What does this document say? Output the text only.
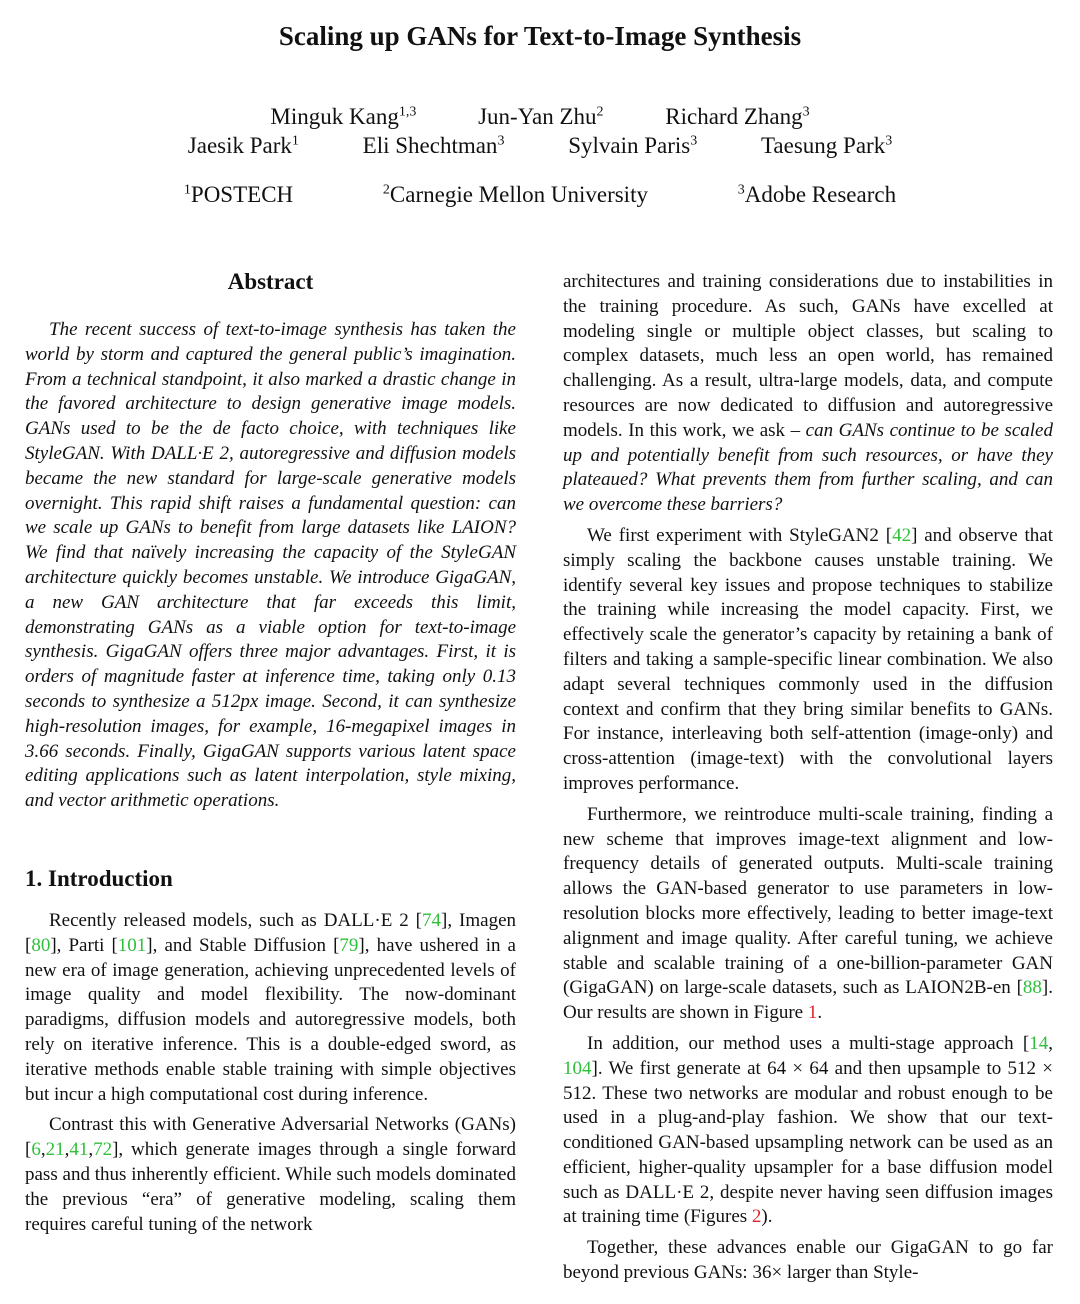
Scaling up GANs for Text-to-Image Synthesis
Minguk Kang$^{1,3}$	Jun-Yan Zhu$^2$	Richard Zhang$^3$
Jaesik Park$^1$	Eli Shechtman$^3$	Sylvain Paris$^3$	Taesung Park$^3$
$^1$POSTECH	$^2$Carnegie Mellon University	$^3$Adobe Research
Abstract

The recent success of text-to-image synthesis has taken the world by storm and captured the general public’s imagination. From a technical standpoint, it also marked a drastic change in the favored architecture to design generative image models. GANs used to be the de facto choice, with techniques like StyleGAN. With DALL·E 2, autoregressive and diffusion models became the new standard for large-scale generative models overnight. This rapid shift raises a fundamental question: can we scale up GANs to benefit from large datasets like LAION? We find that naïvely increasing the capacity of the StyleGAN architecture quickly becomes unstable. We introduce GigaGAN, a new GAN architecture that far exceeds this limit, demonstrating GANs as a viable option for text-to-image synthesis. GigaGAN offers three major advantages. First, it is orders of magnitude faster at inference time, taking only 0.13 seconds to synthesize a 512px image. Second, it can synthesize high-resolution images, for example, 16-megapixel images in 3.66 seconds. Finally, GigaGAN supports various latent space editing applications such as latent interpolation, style mixing, and vector arithmetic operations.

1. Introduction

Recently released models, such as DALL·E 2 [74], Imagen [80], Parti [101], and Stable Diffusion [79], have ushered in a new era of image generation, achieving unprecedented levels of image quality and model flexibility. The now-dominant paradigms, diffusion models and autoregressive models, both rely on iterative inference. This is a double-edged sword, as iterative methods enable stable training with simple objectives but incur a high computational cost during inference.

Contrast this with Generative Adversarial Networks (GANs) [6,21,41,72], which generate images through a single forward pass and thus inherently efficient. While such models dominated the previous “era” of generative modeling, scaling them requires careful tuning of the network

architectures and training considerations due to instabilities in the training procedure. As such, GANs have excelled at modeling single or multiple object classes, but scaling to complex datasets, much less an open world, has remained challenging. As a result, ultra-large models, data, and compute resources are now dedicated to diffusion and autoregressive models. In this work, we ask – can GANs continue to be scaled up and potentially benefit from such resources, or have they plateaued? What prevents them from further scaling, and can we overcome these barriers?

We first experiment with StyleGAN2 [42] and observe that simply scaling the backbone causes unstable training. We identify several key issues and propose techniques to stabilize the training while increasing the model capacity. First, we effectively scale the generator’s capacity by retaining a bank of filters and taking a sample-specific linear combination. We also adapt several techniques commonly used in the diffusion context and confirm that they bring similar benefits to GANs. For instance, interleaving both self-attention (image-only) and cross-attention (image-text) with the convolutional layers improves performance.

Furthermore, we reintroduce multi-scale training, finding a new scheme that improves image-text alignment and low-frequency details of generated outputs. Multi-scale training allows the GAN-based generator to use parameters in low-resolution blocks more effectively, leading to better image-text alignment and image quality. After careful tuning, we achieve stable and scalable training of a one-billion-parameter GAN (GigaGAN) on large-scale datasets, such as LAION2B-en [88]. Our results are shown in Figure 1.

In addition, our method uses a multi-stage approach [14, 104]. We first generate at 64 × 64 and then upsample to 512 × 512. These two networks are modular and robust enough to be used in a plug-and-play fashion. We show that our text-conditioned GAN-based upsampling network can be used as an efficient, higher-quality upsampler for a base diffusion model such as DALL·E 2, despite never having seen diffusion images at training time (Figures 2).

Together, these advances enable our GigaGAN to go far beyond previous GANs: 36× larger than Style-
